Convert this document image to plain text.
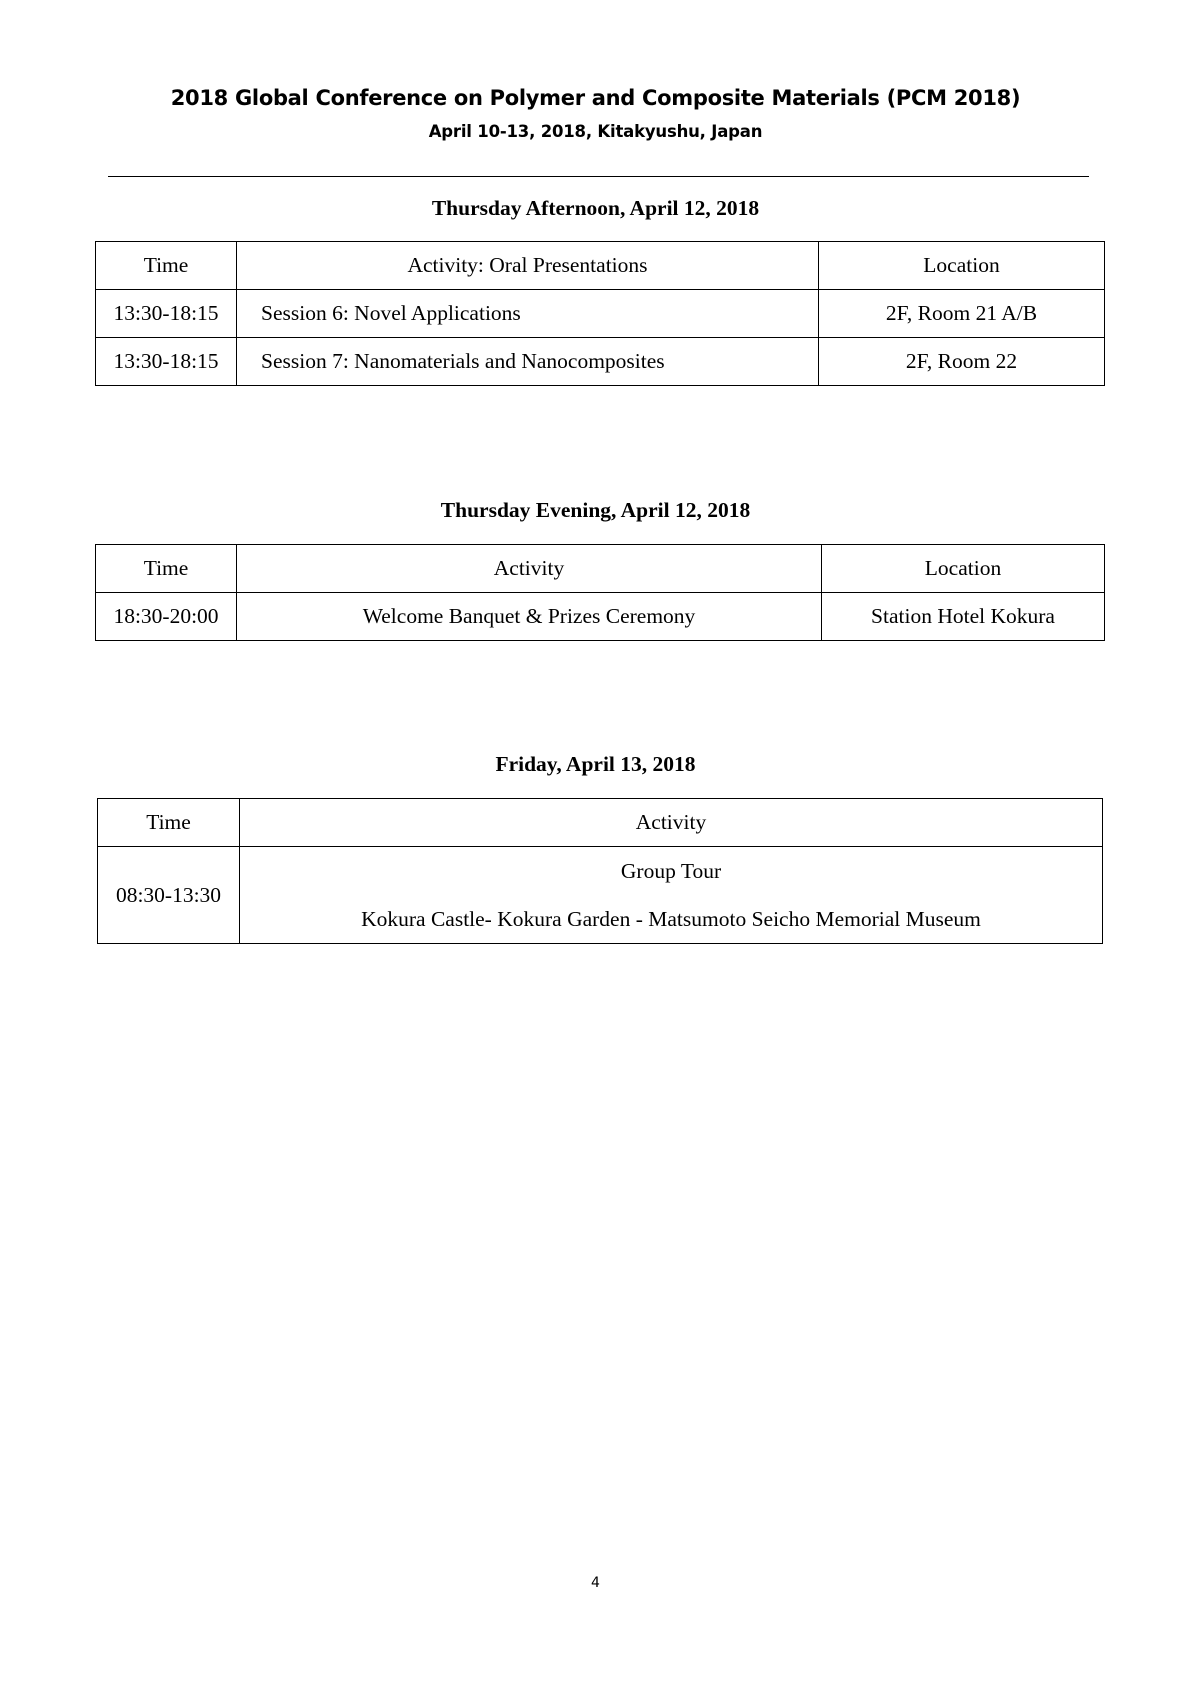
2018 Global Conference on Polymer and Composite Materials (PCM 2018)
April 10-13, 2018, Kitakyushu, Japan
Thursday Afternoon, April 12, 2018
Time	Activity: Oral Presentations	Location
13:30-18:15	Session 6: Novel Applications	2F, Room 21 A/B
13:30-18:15	Session 7: Nanomaterials and Nanocomposites	2F, Room 22
Thursday Evening, April 12, 2018
Time	Activity	Location
18:30-20:00	Welcome Banquet & Prizes Ceremony	Station Hotel Kokura
Friday, April 13, 2018
Time	Activity
08:30-13:30	Group Tour
Kokura Castle- Kokura Garden - Matsumoto Seicho Memorial Museum
4
